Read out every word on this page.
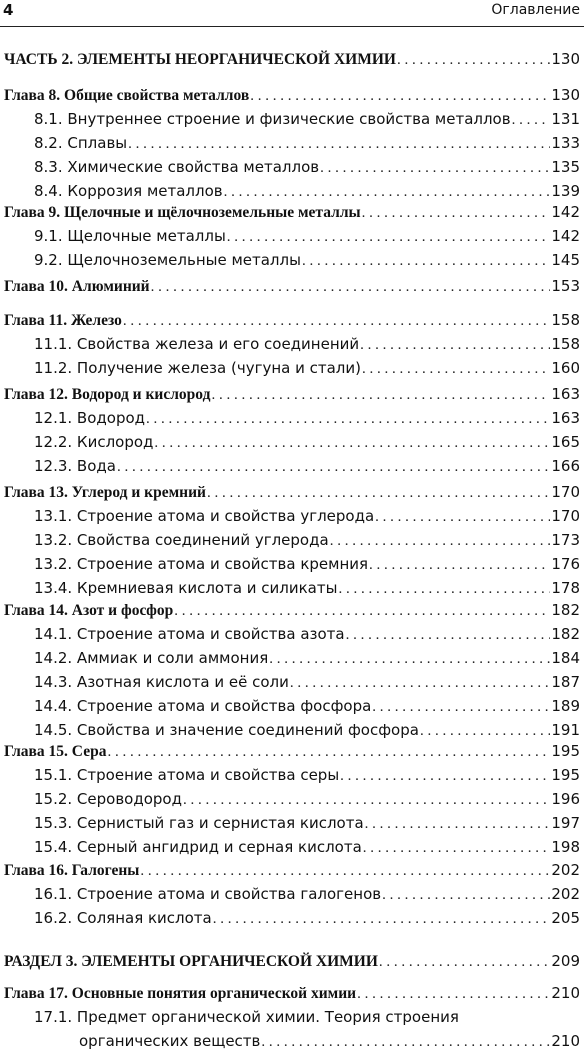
4	Оглавление
ЧАСТЬ 2. ЭЛЕМЕНТЫ НЕОРГАНИЧЕСКОЙ ХИМИИ . . .	130
Глава 8. Общие свойства металлов . . .	130
8.1. Внутреннее строение и физические свойства металлов . . .	131
8.2. Сплавы . . .	133
8.3. Химические свойства металлов . . .	135
8.4. Коррозия металлов . . .	139
Глава 9. Щелочные и щёлочноземельные металлы . . .	142
9.1. Щелочные металлы . . .	142
9.2. Щелочноземельные металлы . . .	145
Глава 10. Алюминий . . .	153
Глава 11. Железо . . .	158
11.1. Свойства железа и его соединений . . .	158
11.2. Получение железа (чугуна и стали) . . .	160
Глава 12. Водород и кислород . . .	163
12.1. Водород . . .	163
12.2. Кислород . . .	165
12.3. Вода . . .	166
Глава 13. Углерод и кремний . . .	170
13.1. Строение атома и свойства углерода . . .	170
13.2. Свойства соединений углерода . . .	173
13.2. Строение атома и свойства кремния . . .	176
13.4. Кремниевая кислота и силикаты . . .	178
Глава 14. Азот и фосфор . . .	182
14.1. Строение атома и свойства азота . . .	182
14.2. Аммиак и соли аммония . . .	184
14.3. Азотная кислота и её соли . . .	187
14.4. Строение атома и свойства фосфора . . .	189
14.5. Свойства и значение соединений фосфора . . .	191
Глава 15. Сера . . .	195
15.1. Строение атома и свойства серы . . .	195
15.2. Сероводород . . .	196
15.3. Сернистый газ и сернистая кислота . . .	197
15.4. Серный ангидрид и серная кислота . . .	198
Глава 16. Галогены . . .	202
16.1. Строение атома и свойства галогенов . . .	202
16.2. Соляная кислота . . .	205
РАЗДЕЛ 3. ЭЛЕМЕНТЫ ОРГАНИЧЕСКОЙ ХИМИИ . . .	209
Глава 17. Основные понятия органической химии . . .	210
17.1. Предмет органической химии. Теория строения
органических веществ . . .	210
